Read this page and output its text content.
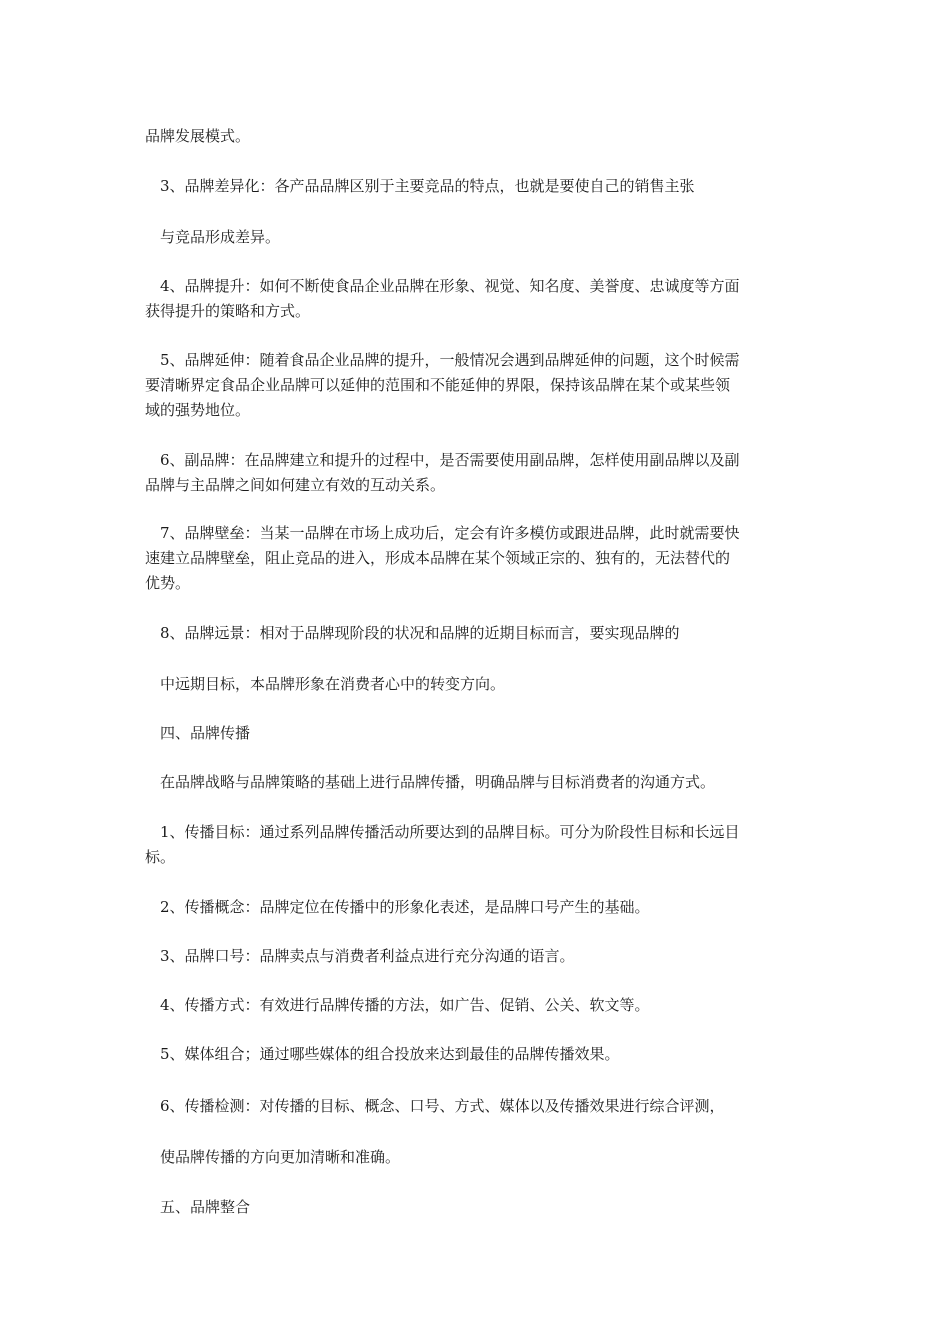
品牌发展模式。
3、品牌差异化：各产品品牌区别于主要竞品的特点，也就是要使自己的销售主张
与竞品形成差异。
4、品牌提升：如何不断使食品企业品牌在形象、视觉、知名度、美誉度、忠诚度等方面
获得提升的策略和方式。
5、品牌延伸：随着食品企业品牌的提升，一般情况会遇到品牌延伸的问题，这个时候需
要清晰界定食品企业品牌可以延伸的范围和不能延伸的界限，保持该品牌在某个或某些领
域的强势地位。
6、副品牌：在品牌建立和提升的过程中，是否需要使用副品牌，怎样使用副品牌以及副
品牌与主品牌之间如何建立有效的互动关系。
7、品牌壁垒：当某一品牌在市场上成功后，定会有许多模仿或跟进品牌，此时就需要快
速建立品牌壁垒，阻止竞品的进入，形成本品牌在某个领域正宗的、独有的，无法替代的
优势。
8、品牌远景：相对于品牌现阶段的状况和品牌的近期目标而言，要实现品牌的
中远期目标，本品牌形象在消费者心中的转变方向。
四、品牌传播
在品牌战略与品牌策略的基础上进行品牌传播，明确品牌与目标消费者的沟通方式。
1、传播目标：通过系列品牌传播活动所要达到的品牌目标。可分为阶段性目标和长远目
标。
2、传播概念：品牌定位在传播中的形象化表述，是品牌口号产生的基础。
3、品牌口号：品牌卖点与消费者利益点进行充分沟通的语言。
4、传播方式：有效进行品牌传播的方法，如广告、促销、公关、软文等。
5、媒体组合；通过哪些媒体的组合投放来达到最佳的品牌传播效果。
6、传播检测：对传播的目标、概念、口号、方式、媒体以及传播效果进行综合评测，
使品牌传播的方向更加清晰和准确。
五、品牌整合
